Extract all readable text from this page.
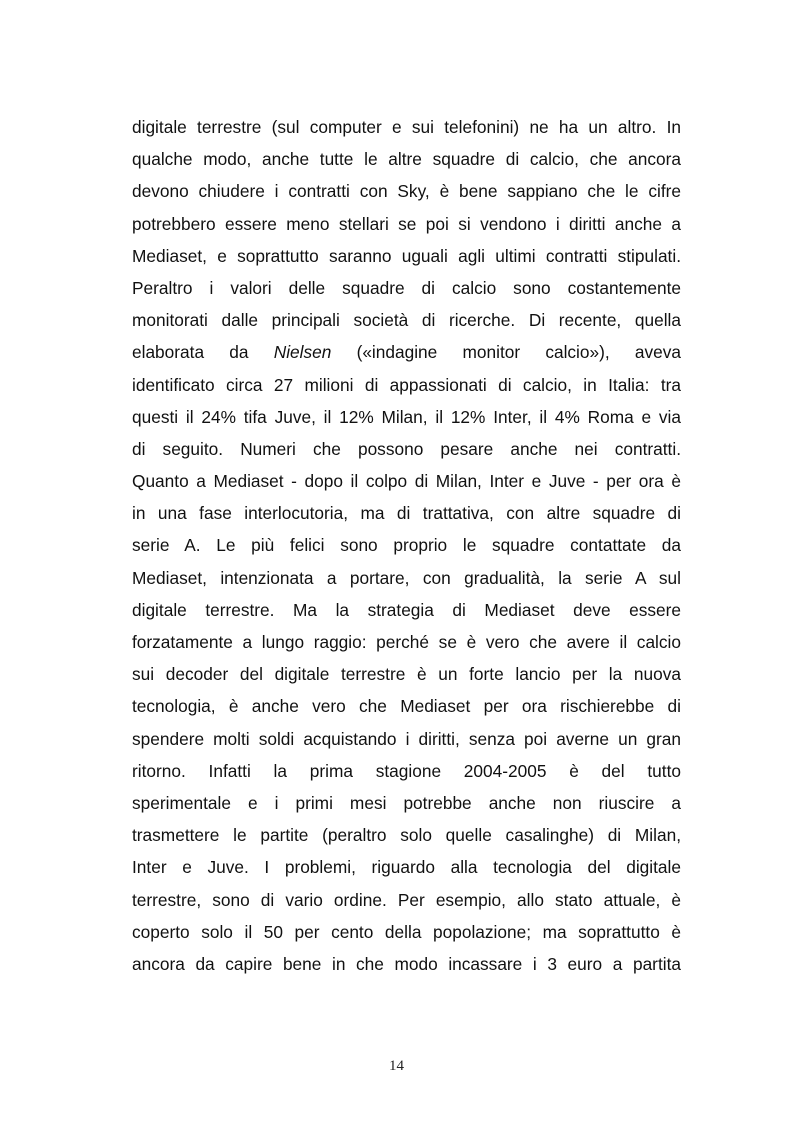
digitale terrestre (sul computer e sui telefonini) ne ha un altro. In
qualche modo, anche tutte le altre squadre di calcio, che ancora
devono chiudere i contratti con Sky, è bene sappiano che le cifre
potrebbero essere meno stellari se poi si vendono i diritti anche a
Mediaset, e soprattutto saranno uguali agli ultimi contratti stipulati.
Peraltro i valori delle squadre di calcio sono costantemente
monitorati dalle principali società di ricerche. Di recente, quella
elaborata da Nielsen («indagine monitor calcio»), aveva
identificato circa 27 milioni di appassionati di calcio, in Italia: tra
questi il 24% tifa Juve, il 12% Milan, il 12% Inter, il 4% Roma e via
di seguito. Numeri che possono pesare anche nei contratti.
Quanto a Mediaset - dopo il colpo di Milan, Inter e Juve - per ora è
in una fase interlocutoria, ma di trattativa, con altre squadre di
serie A. Le più felici sono proprio le squadre contattate da
Mediaset, intenzionata a portare, con gradualità, la serie A sul
digitale terrestre. Ma la strategia di Mediaset deve essere
forzatamente a lungo raggio: perché se è vero che avere il calcio
sui decoder del digitale terrestre è un forte lancio per la nuova
tecnologia, è anche vero che Mediaset per ora rischierebbe di
spendere molti soldi acquistando i diritti, senza poi averne un gran
ritorno. Infatti la prima stagione 2004-2005 è del tutto
sperimentale e i primi mesi potrebbe anche non riuscire a
trasmettere le partite (peraltro solo quelle casalinghe) di Milan,
Inter e Juve. I problemi, riguardo alla tecnologia del digitale
terrestre, sono di vario ordine. Per esempio, allo stato attuale, è
coperto solo il 50 per cento della popolazione; ma soprattutto è
ancora da capire bene in che modo incassare i 3 euro a partita
14
